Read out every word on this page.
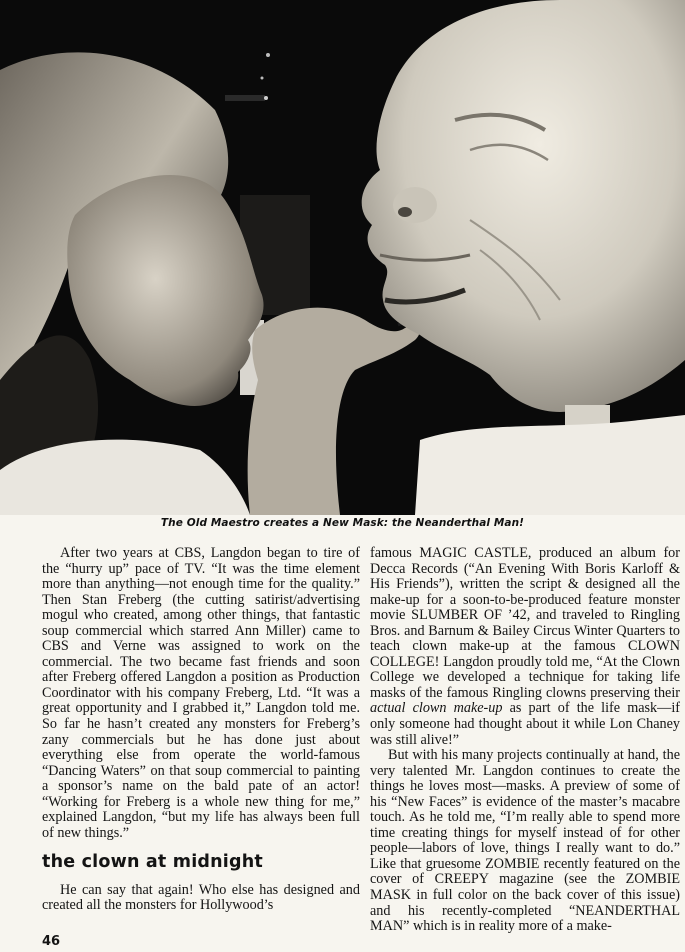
The Old Maestro creates a New Mask: the Neanderthal Man!

After two years at CBS, Langdon began to tire of the “hurry up” pace of TV. “It was the time element more than anything—not enough time for the quality.” Then Stan Freberg (the cutting satirist/advertising mogul who created, among other things, that fantastic soup commercial which starred Ann Miller) came to CBS and Verne was assigned to work on the commercial. The two became fast friends and soon after Freberg offered Langdon a position as Production Coordinator with his company Freberg, Ltd. “It was a great opportunity and I grabbed it,” Langdon told me. So far he hasn’t created any monsters for Freberg’s zany commercials but he has done just about everything else from operate the world-famous “Dancing Waters” on that soup commercial to painting a sponsor’s name on the bald pate of an actor! “Working for Freberg is a whole new thing for me,” explained Langdon, “but my life has always been full of new things.”

the clown at midnight

He can say that again! Who else has designed and created all the monsters for Hollywood’s

famous MAGIC CASTLE, produced an album for Decca Records (“An Evening With Boris Karloff & His Friends”), written the script & designed all the make-up for a soon-to-be-produced feature monster movie SLUMBER OF ’42, and traveled to Ringling Bros. and Barnum & Bailey Circus Winter Quarters to teach clown make-up at the famous CLOWN COLLEGE! Langdon proudly told me, “At the Clown College we developed a technique for taking life masks of the famous Ringling clowns preserving their actual clown make-up as part of the life mask—if only someone had thought about it while Lon Chaney was still alive!”

But with his many projects continually at hand, the very talented Mr. Langdon continues to create the things he loves most—masks. A preview of some of his “New Faces” is evidence of the master’s macabre touch. As he told me, “I’m really able to spend more time creating things for myself instead of for other people—labors of love, things I really want to do.” Like that gruesome ZOMBIE recently featured on the cover of CREEPY magazine (see the ZOMBIE MASK in full color on the back cover of this issue) and his recently-completed “NEANDERTHAL MAN” which is in reality more of a make-

46
